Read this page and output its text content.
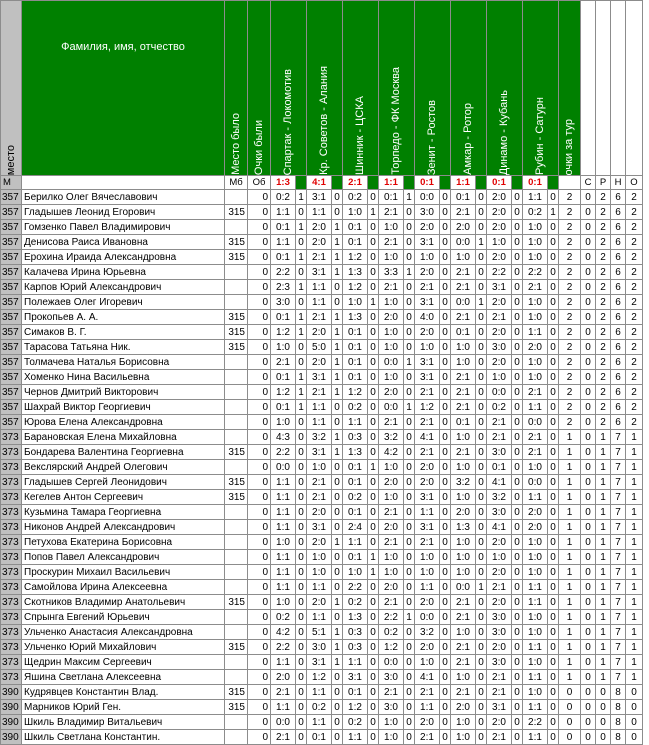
место	Фамилия, имя, отчество	Место было	Очки были	Спартак - Локомотив		Кр. Советов - Алания		Шинник - ЦСКА		Торпедо - ФК Москва		Зенит - Ростов		Амкар - Ротор		Динамо - Кубань		Рубин - Сатурн		очки за тур				

М		Мб	Об	1:3		4:1		2:1		1:1		0:1		1:1		0:1		0:1			С	Р	Н	О
357	Берилко Олег Вячеславович		0	0:2	1	3:1	0	0:2	0	0:1	1	0:0	0	0:1	0	2:0	0	1:1	0	2	0	2	6	2
357	Гладышев Леонид Егорович	315	0	1:1	0	1:1	0	1:0	1	2:1	0	3:0	0	2:1	0	2:0	0	0:2	1	2	0	2	6	2
357	Гомзенко Павел Владимирович		0	0:1	1	2:0	1	0:1	0	1:0	0	2:0	0	2:0	0	2:0	0	1:0	0	2	0	2	6	2
357	Денисова Раиса Ивановна	315	0	1:1	0	2:0	1	0:1	0	2:1	0	3:1	0	0:0	1	1:0	0	1:0	0	2	0	2	6	2
357	Ерохина Ираида Александровна	315	0	0:1	1	2:1	1	1:2	0	1:0	0	1:0	0	1:0	0	2:0	0	1:0	0	2	0	2	6	2
357	Калачева Ирина Юрьевна		0	2:2	0	3:1	1	1:3	0	3:3	1	2:0	0	2:1	0	2:2	0	2:2	0	2	0	2	6	2
357	Карпов Юрий Александрович		0	2:3	1	1:1	0	1:2	0	2:1	0	2:1	0	2:1	0	3:1	0	2:1	0	2	0	2	6	2
357	Полежаев Олег Игоревич		0	3:0	0	1:1	0	1:0	1	1:0	0	3:1	0	0:0	1	2:0	0	1:0	0	2	0	2	6	2
357	Прокопьев А. А.	315	0	0:1	1	2:1	1	1:3	0	2:0	0	4:0	0	2:1	0	2:1	0	1:0	0	2	0	2	6	2
357	Симаков В. Г.	315	0	1:2	1	2:0	1	0:1	0	1:0	0	2:0	0	0:1	0	2:0	0	1:1	0	2	0	2	6	2
357	Тарасова Татьяна Ник.	315	0	1:0	0	5:0	1	0:1	0	1:0	0	1:0	0	1:0	0	3:0	0	2:0	0	2	0	2	6	2
357	Толмачева Наталья Борисовна		0	2:1	0	2:0	1	0:1	0	0:0	1	3:1	0	1:0	0	2:0	0	1:0	0	2	0	2	6	2
357	Хоменко Нина Васильевна		0	0:1	1	3:1	1	0:1	0	1:0	0	3:1	0	2:1	0	1:0	0	1:0	0	2	0	2	6	2
357	Чернов Дмитрий Викторович		0	1:2	1	2:1	1	1:2	0	2:0	0	2:1	0	2:1	0	0:0	0	2:1	0	2	0	2	6	2
357	Шахрай Виктор Георгиевич		0	0:1	1	1:1	0	0:2	0	0:0	1	1:2	0	2:1	0	0:2	0	1:1	0	2	0	2	6	2
357	Юрова Елена Александровна		0	1:0	0	1:1	0	1:1	0	2:1	0	2:1	0	0:1	0	2:1	0	0:0	0	2	0	2	6	2
373	Барановская Елена Михайловна		0	4:3	0	3:2	1	0:3	0	3:2	0	4:1	0	1:0	0	2:1	0	2:1	0	1	0	1	7	1
373	Бондарева Валентина Георгиевна	315	0	2:2	0	3:1	1	1:3	0	4:2	0	2:1	0	2:1	0	3:0	0	2:1	0	1	0	1	7	1
373	Векслярский Андрей Олегович		0	0:0	0	1:0	0	0:1	1	1:0	0	2:0	0	1:0	0	0:1	0	1:0	0	1	0	1	7	1
373	Гладышев Сергей Леонидович	315	0	1:1	0	2:1	0	0:1	0	2:0	0	2:0	0	3:2	0	4:1	0	0:0	0	1	0	1	7	1
373	Кегелев Антон Сергеевич	315	0	1:1	0	2:1	0	0:2	0	1:0	0	3:1	0	1:0	0	3:2	0	1:1	0	1	0	1	7	1
373	Кузьмина Тамара Георгиевна		0	1:1	0	2:0	0	0:1	0	2:1	0	1:1	0	2:0	0	3:0	0	2:0	0	1	0	1	7	1
373	Никонов Андрей Александрович		0	1:1	0	3:1	0	2:4	0	2:0	0	3:1	0	1:3	0	4:1	0	2:0	0	1	0	1	7	1
373	Петухова Екатерина Борисовна		0	1:0	0	2:0	1	1:1	0	2:1	0	2:1	0	1:0	0	2:0	0	1:0	0	1	0	1	7	1
373	Попов Павел Александрович		0	1:1	0	1:0	0	0:1	1	1:0	0	1:0	0	1:0	0	1:0	0	1:0	0	1	0	1	7	1
373	Проскурин Михаил Васильевич		0	1:1	0	1:0	0	1:0	1	1:0	0	1:0	0	1:0	0	2:0	0	1:0	0	1	0	1	7	1
373	Самойлова Ирина Алексеевна		0	1:1	0	1:1	0	2:2	0	2:0	0	1:1	0	0:0	1	2:1	0	1:1	0	1	0	1	7	1
373	Скотников Владимир Анатольевич	315	0	1:0	0	2:0	1	0:2	0	2:1	0	2:0	0	2:1	0	2:0	0	1:1	0	1	0	1	7	1
373	Спрынга Евгений Юрьевич		0	0:2	0	1:1	0	1:3	0	2:2	1	0:0	0	2:1	0	3:0	0	1:0	0	1	0	1	7	1
373	Ульченко Анастасия Александровна		0	4:2	0	5:1	1	0:3	0	0:2	0	3:2	0	1:0	0	3:0	0	1:0	0	1	0	1	7	1
373	Ульченко Юрий Михайлович	315	0	2:2	0	3:0	1	0:3	0	1:2	0	2:0	0	2:1	0	2:0	0	1:1	0	1	0	1	7	1
373	Щедрин Максим Сергеевич		0	1:1	0	3:1	1	1:1	0	0:0	0	1:0	0	2:1	0	3:0	0	1:0	0	1	0	1	7	1
373	Яшина Светлана Алексеевна		0	2:0	0	1:2	0	3:1	0	3:0	0	4:1	0	1:0	0	2:1	0	1:1	0	1	0	1	7	1
390	Кудрявцев Константин Влад.	315	0	2:1	0	1:1	0	0:1	0	2:1	0	2:1	0	2:1	0	2:1	0	1:0	0	0	0	0	8	0
390	Марников Юрий Ген.	315	0	1:1	0	0:2	0	1:2	0	3:0	0	1:1	0	2:0	0	3:1	0	1:1	0	0	0	0	8	0
390	Шкиль Владимир Витальевич		0	0:0	0	1:1	0	0:2	0	1:0	0	2:0	0	1:0	0	2:0	0	2:2	0	0	0	0	8	0
390	Шкиль Светлана Константин.		0	2:1	0	0:1	0	1:1	0	1:0	0	2:1	0	1:0	0	2:1	0	1:1	0	0	0	0	8	0
